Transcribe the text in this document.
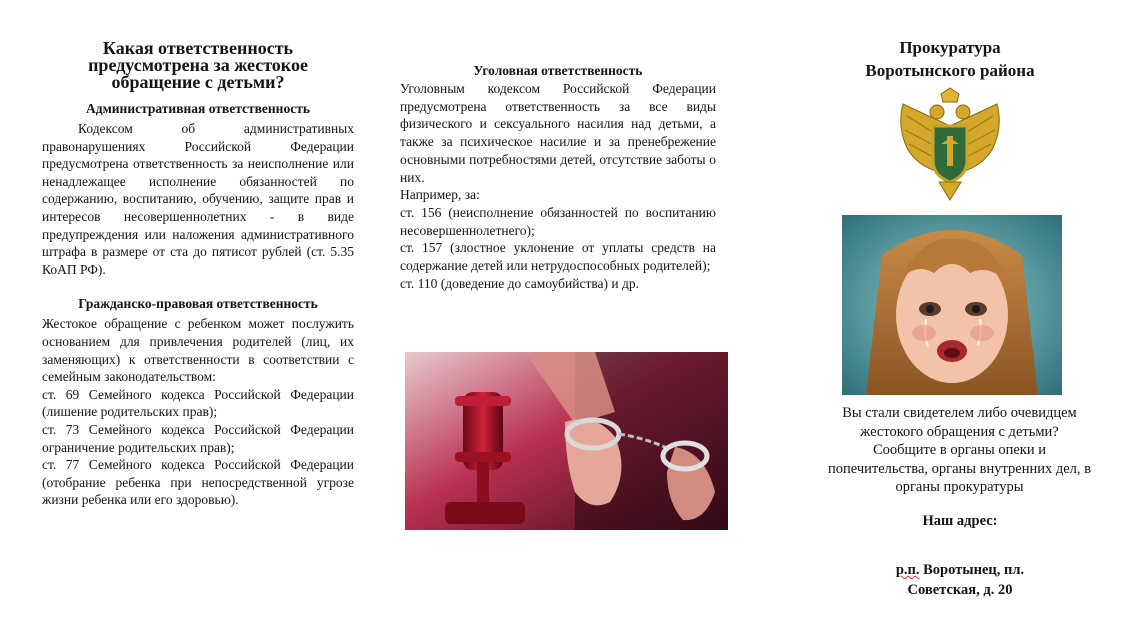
Какая ответственность предусмотрена за жестокое обращение с детьми?
Административная ответственность

Кодексом об административных правонарушениях Российской Федерации предусмотрена ответственность за неисполнение или ненадлежащее исполнение обязанностей по содержанию, воспитанию, обучению, защите прав и интересов несовершеннолетних - в виде предупреждения или наложения административного штрафа в размере от ста до пятисот рублей (ст. 5.35 КоАП РФ).

Гражданско-правовая ответственность
Жестокое обращение с ребенком может послужить основанием для привлечения родителей (лиц, их заменяющих) к ответственности в соответствии с семейным законодательством:
ст. 69 Семейного кодекса Российской Федерации (лишение родительских прав);
ст. 73 Семейного кодекса Российской Федерации ограничение родительских прав);
ст. 77 Семейного кодекса Российской Федерации (отобрание ребенка при непосредственной угрозе жизни ребенка или его здоровью).
Уголовная ответственность

Уголовным кодексом Российской Федерации предусмотрена ответственность за все виды физического и сексуального насилия над детьми, а также за психическое насилие и за пренебрежение основными потребностями детей, отсутствие заботы о них.

Например, за:

ст. 156 (неисполнение обязанностей по воспитанию несовершеннолетнего);

ст. 157 (злостное уклонение от уплаты средств на содержание детей или нетрудоспособных родителей);

ст. 110 (доведение до самоубийства) и др.

Прокуратура
Воротынского района
Вы стали свидетелем либо очевидцем
жестокого обращения с детьми?
Сообщите в органы опеки и
попечительства, органы внутренних дел, в
органы прокуратуры
Наш адрес:
р.п. Воротынец, пл.
Советская, д. 20
